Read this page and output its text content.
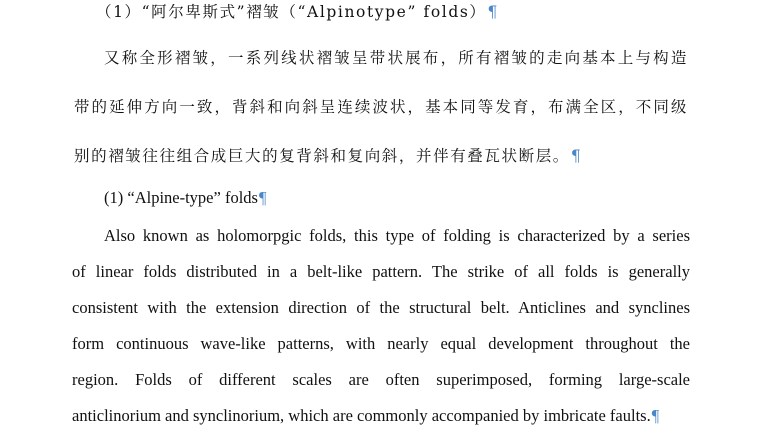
（1）“阿尔卑斯式”褶皱（“Alpinotype” folds）¶
又称全形褶皱，一系列线状褶皱呈带状展布，所有褶皱的走向基本上与构造
带的延伸方向一致，背斜和向斜呈连续波状，基本同等发育，布满全区，不同级
别的褶皱往往组合成巨大的复背斜和复向斜，并伴有叠瓦状断层。¶
(1) “Alpine-type” folds¶
Also known as holomorpgic folds, this type of folding is characterized by a series
of linear folds distributed in a belt-like pattern. The strike of all folds is generally
consistent with the extension direction of the structural belt. Anticlines and synclines
form continuous wave-like patterns, with nearly equal development throughout the
region. Folds of different scales are often superimposed, forming large-scale
anticlinorium and synclinorium, which are commonly accompanied by imbricate faults.¶
